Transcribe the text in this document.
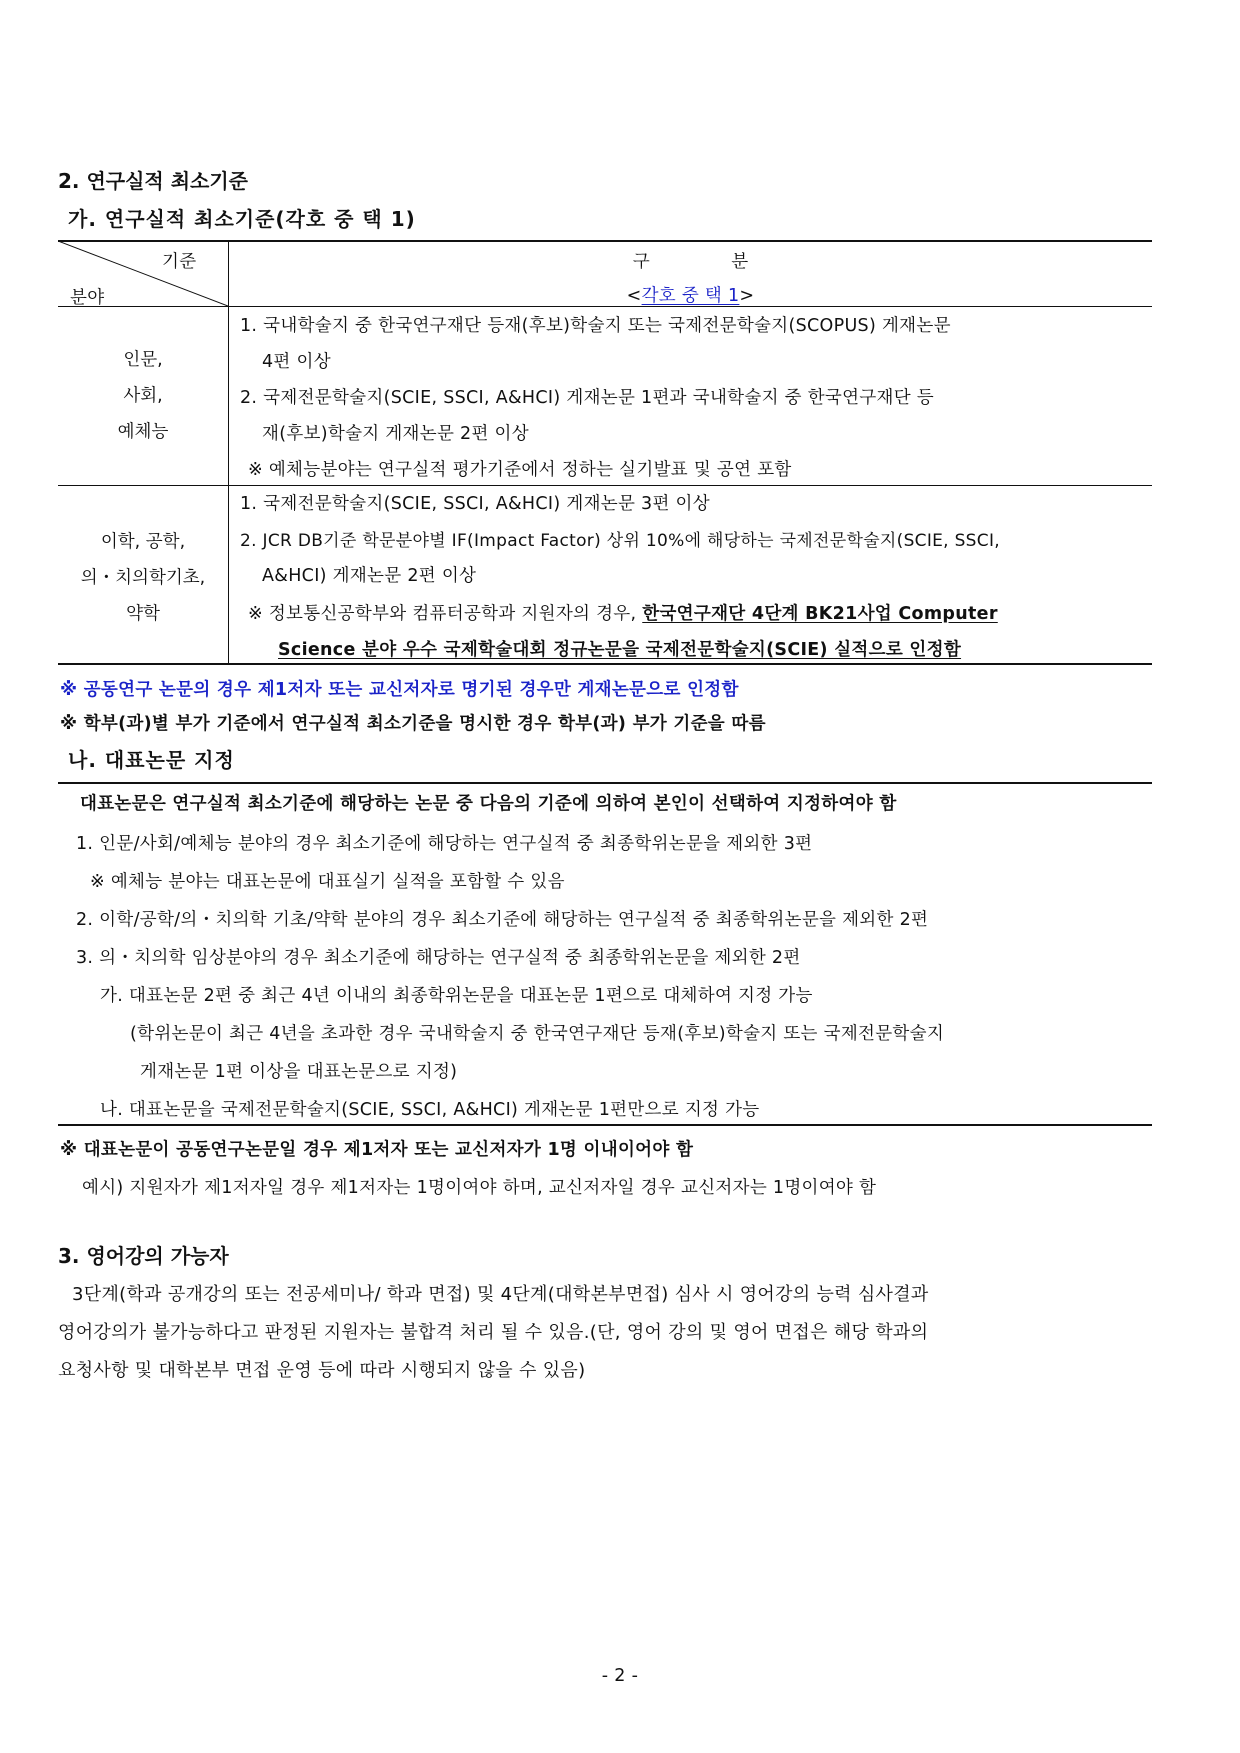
2. 연구실적 최소기준
가. 연구실적 최소기준(각호 중 택 1)
기준
분야
구 분
<각호 중 택 1>
인문,
사회,
예체능
1. 국내학술지 중 한국연구재단 등재(후보)학술지 또는 국제전문학술지(SCOPUS) 게재논문
4편 이상
2. 국제전문학술지(SCIE, SSCI, A&HCI) 게재논문 1편과 국내학술지 중 한국연구재단 등
재(후보)학술지 게재논문 2편 이상
※ 예체능분야는 연구실적 평가기준에서 정하는 실기발표 및 공연 포함
이학, 공학,
의・치의학기초,
약학
1. 국제전문학술지(SCIE, SSCI, A&HCI) 게재논문 3편 이상
2. JCR DB기준 학문분야별 IF(Impact Factor) 상위 10%에 해당하는 국제전문학술지(SCIE, SSCI,
A&HCI) 게재논문 2편 이상
※ 정보통신공학부와 컴퓨터공학과 지원자의 경우, 한국연구재단 4단계 BK21사업 Computer
Science 분야 우수 국제학술대회 정규논문을 국제전문학술지(SCIE) 실적으로 인정함
※ 공동연구 논문의 경우 제1저자 또는 교신저자로 명기된 경우만 게재논문으로 인정함
※ 학부(과)별 부가 기준에서 연구실적 최소기준을 명시한 경우 학부(과) 부가 기준을 따름
나. 대표논문 지정
대표논문은 연구실적 최소기준에 해당하는 논문 중 다음의 기준에 의하여 본인이 선택하여 지정하여야 함
1. 인문/사회/예체능 분야의 경우 최소기준에 해당하는 연구실적 중 최종학위논문을 제외한 3편
※ 예체능 분야는 대표논문에 대표실기 실적을 포함할 수 있음
2. 이학/공학/의・치의학 기초/약학 분야의 경우 최소기준에 해당하는 연구실적 중 최종학위논문을 제외한 2편
3. 의・치의학 임상분야의 경우 최소기준에 해당하는 연구실적 중 최종학위논문을 제외한 2편
가. 대표논문 2편 중 최근 4년 이내의 최종학위논문을 대표논문 1편으로 대체하여 지정 가능
(학위논문이 최근 4년을 초과한 경우 국내학술지 중 한국연구재단 등재(후보)학술지 또는 국제전문학술지
게재논문 1편 이상을 대표논문으로 지정)
나. 대표논문을 국제전문학술지(SCIE, SSCI, A&HCI) 게재논문 1편만으로 지정 가능
※ 대표논문이 공동연구논문일 경우 제1저자 또는 교신저자가 1명 이내이어야 함
예시) 지원자가 제1저자일 경우 제1저자는 1명이여야 하며, 교신저자일 경우 교신저자는 1명이여야 함
3. 영어강의 가능자
3단계(학과 공개강의 또는 전공세미나/ 학과 면접) 및 4단계(대학본부면접) 심사 시 영어강의 능력 심사결과
영어강의가 불가능하다고 판정된 지원자는 불합격 처리 될 수 있음.(단, 영어 강의 및 영어 면접은 해당 학과의
요청사항 및 대학본부 면접 운영 등에 따라 시행되지 않을 수 있음)
- 2 -
